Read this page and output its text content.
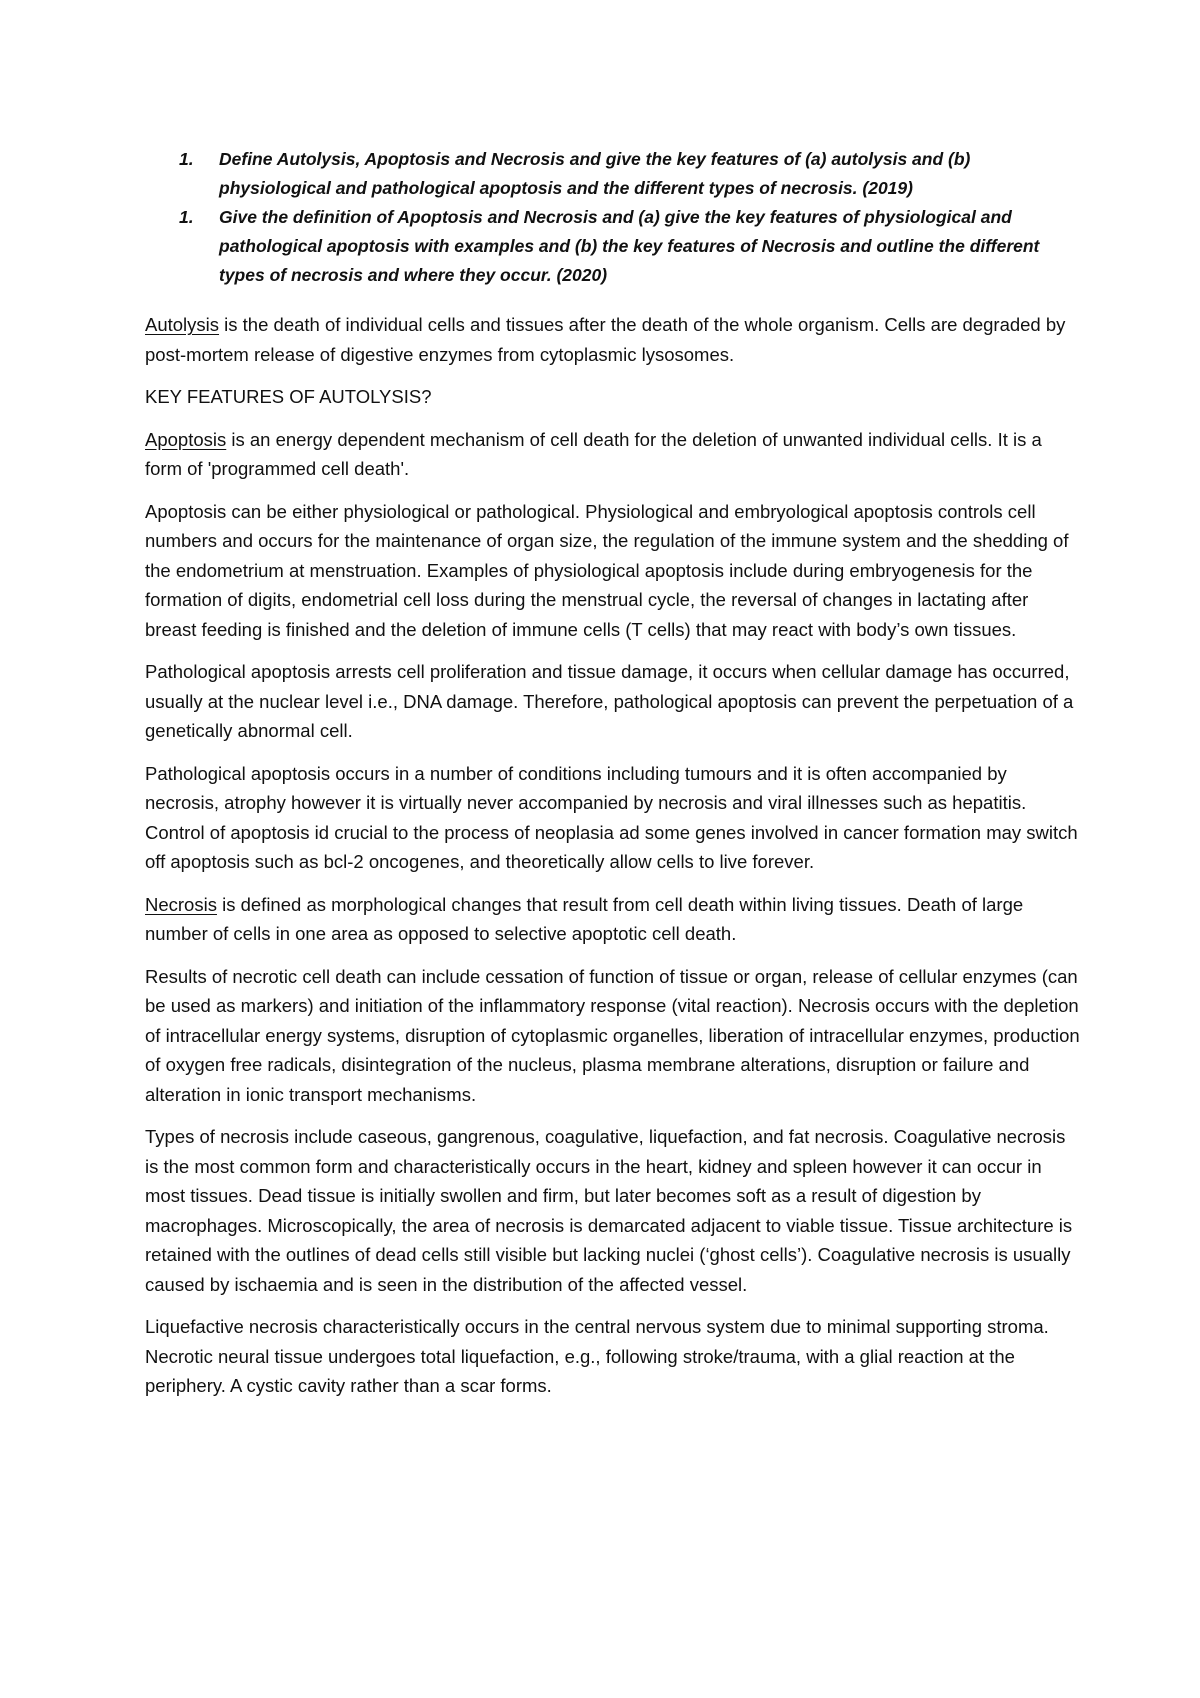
1. Define Autolysis, Apoptosis and Necrosis and give the key features of (a) autolysis and (b) physiological and pathological apoptosis and the different types of necrosis. (2019)
1. Give the definition of Apoptosis and Necrosis and (a) give the key features of physiological and pathological apoptosis with examples and (b) the key features of Necrosis and outline the different types of necrosis and where they occur. (2020)

Autolysis is the death of individual cells and tissues after the death of the whole organism. Cells are degraded by post-mortem release of digestive enzymes from cytoplasmic lysosomes.

KEY FEATURES OF AUTOLYSIS?

Apoptosis is an energy dependent mechanism of cell death for the deletion of unwanted individual cells. It is a form of 'programmed cell death'.

Apoptosis can be either physiological or pathological. Physiological and embryological apoptosis controls cell numbers and occurs for the maintenance of organ size, the regulation of the immune system and the shedding of the endometrium at menstruation. Examples of physiological apoptosis include during embryogenesis for the formation of digits, endometrial cell loss during the menstrual cycle, the reversal of changes in lactating after breast feeding is finished and the deletion of immune cells (T cells) that may react with body’s own tissues.

Pathological apoptosis arrests cell proliferation and tissue damage, it occurs when cellular damage has occurred, usually at the nuclear level i.e., DNA damage. Therefore, pathological apoptosis can prevent the perpetuation of a genetically abnormal cell.

Pathological apoptosis occurs in a number of conditions including tumours and it is often accompanied by necrosis, atrophy however it is virtually never accompanied by necrosis and viral illnesses such as hepatitis. Control of apoptosis id crucial to the process of neoplasia ad some genes involved in cancer formation may switch off apoptosis such as bcl-2 oncogenes, and theoretically allow cells to live forever.

Necrosis is defined as morphological changes that result from cell death within living tissues. Death of large number of cells in one area as opposed to selective apoptotic cell death.

Results of necrotic cell death can include cessation of function of tissue or organ, release of cellular enzymes (can be used as markers) and initiation of the inflammatory response (vital reaction). Necrosis occurs with the depletion of intracellular energy systems, disruption of cytoplasmic organelles, liberation of intracellular enzymes, production of oxygen free radicals, disintegration of the nucleus, plasma membrane alterations, disruption or failure and alteration in ionic transport mechanisms.

Types of necrosis include caseous, gangrenous, coagulative, liquefaction, and fat necrosis. Coagulative necrosis is the most common form and characteristically occurs in the heart, kidney and spleen however it can occur in most tissues. Dead tissue is initially swollen and firm, but later becomes soft as a result of digestion by macrophages. Microscopically, the area of necrosis is demarcated adjacent to viable tissue. Tissue architecture is retained with the outlines of dead cells still visible but lacking nuclei (‘ghost cells’). Coagulative necrosis is usually caused by ischaemia and is seen in the distribution of the affected vessel.

Liquefactive necrosis characteristically occurs in the central nervous system due to minimal supporting stroma. Necrotic neural tissue undergoes total liquefaction, e.g., following stroke/trauma, with a glial reaction at the periphery. A cystic cavity rather than a scar forms.
